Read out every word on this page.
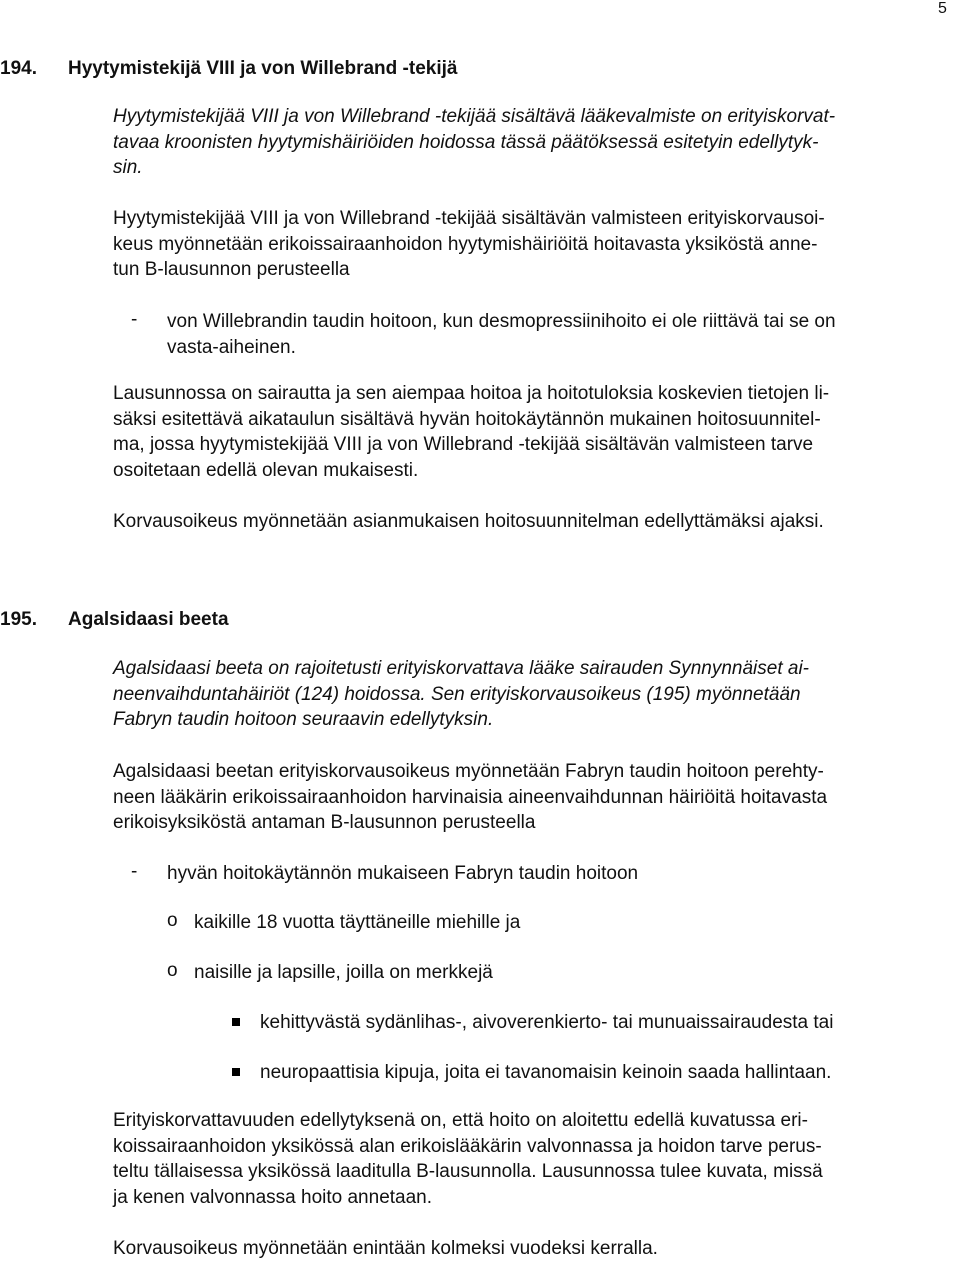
5
194. Hyytymistekijä VIII ja von Willebrand -tekijä
Hyytymistekijää VIII ja von Willebrand -tekijää sisältävä lääkevalmiste on erityiskorvat-
tavaa kroonisten hyytymishäiriöiden hoidossa tässä päätöksessä esitetyin edellytyk-
sin.
Hyytymistekijää VIII ja von Willebrand -tekijää sisältävän valmisteen erityiskorvausoi-
keus myönnetään erikoissairaanhoidon hyytymishäiriöitä hoitavasta yksiköstä anne-
tun B-lausunnon perusteella
- von Willebrandin taudin hoitoon, kun desmopressiinihoito ei ole riittävä tai se on
vasta-aiheinen.
Lausunnossa on sairautta ja sen aiempaa hoitoa ja hoitotuloksia koskevien tietojen li-
säksi esitettävä aikataulun sisältävä hyvän hoitokäytännön mukainen hoitosuunnitel-
ma, jossa hyytymistekijää VIII ja von Willebrand -tekijää sisältävän valmisteen tarve
osoitetaan edellä olevan mukaisesti.
Korvausoikeus myönnetään asianmukaisen hoitosuunnitelman edellyttämäksi ajaksi.
195. Agalsidaasi beeta
Agalsidaasi beeta on rajoitetusti erityiskorvattava lääke sairauden Synnynnäiset ai-
neenvaihduntahäiriöt (124) hoidossa. Sen erityiskorvausoikeus (195) myönnetään
Fabryn taudin hoitoon seuraavin edellytyksin.
Agalsidaasi beetan erityiskorvausoikeus myönnetään Fabryn taudin hoitoon perehty-
neen lääkärin erikoissairaanhoidon harvinaisia aineenvaihdunnan häiriöitä hoitavasta
erikoisyksiköstä antaman B-lausunnon perusteella
- hyvän hoitokäytännön mukaiseen Fabryn taudin hoitoon
o kaikille 18 vuotta täyttäneille miehille ja
o naisille ja lapsille, joilla on merkkejä
kehittyvästä sydänlihas-, aivoverenkierto- tai munuaissairaudesta tai
neuropaattisia kipuja, joita ei tavanomaisin keinoin saada hallintaan.
Erityiskorvattavuuden edellytyksenä on, että hoito on aloitettu edellä kuvatussa eri-
koissairaanhoidon yksikössä alan erikoislääkärin valvonnassa ja hoidon tarve perus-
teltu tällaisessa yksikössä laaditulla B-lausunnolla. Lausunnossa tulee kuvata, missä
ja kenen valvonnassa hoito annetaan.
Korvausoikeus myönnetään enintään kolmeksi vuodeksi kerralla.
